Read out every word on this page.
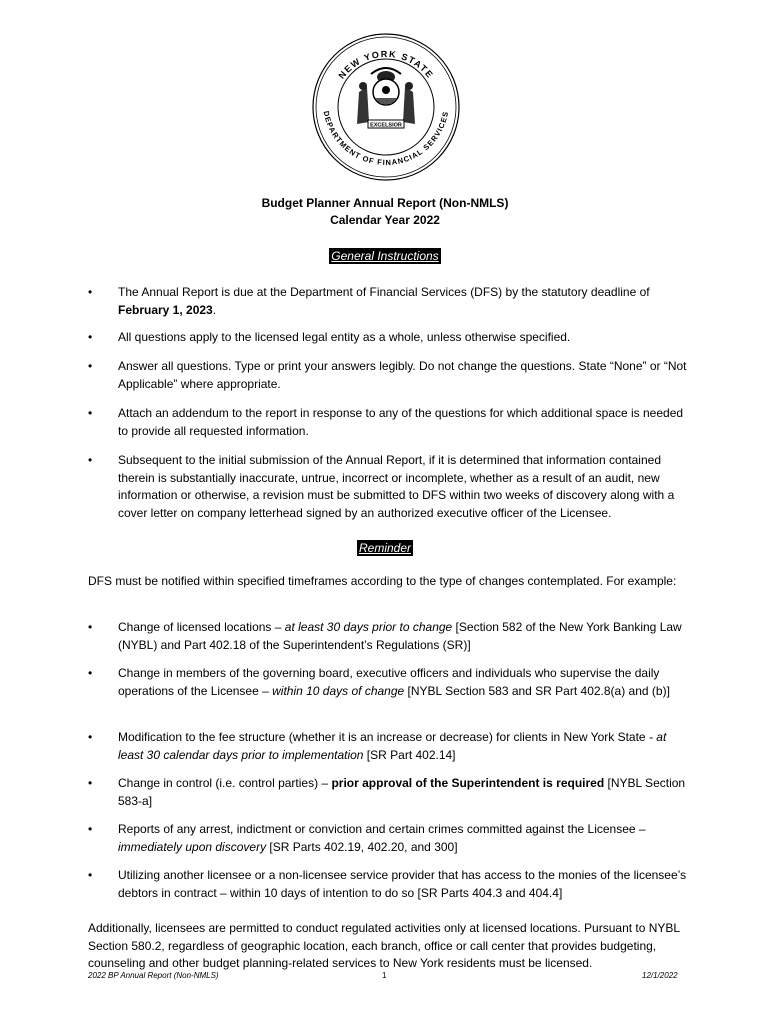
NEW YORK STATE
DEPARTMENT OF FINANCIAL SERVICES
EXCELSIOR
Budget Planner Annual Report (Non-NMLS)
Calendar Year 2022
General Instructions
• The Annual Report is due at the Department of Financial Services (DFS) by the statutory deadline of February 1, 2023.
• All questions apply to the licensed legal entity as a whole, unless otherwise specified.
• Answer all questions. Type or print your answers legibly. Do not change the questions. State “None” or “Not Applicable” where appropriate.
• Attach an addendum to the report in response to any of the questions for which additional space is needed to provide all requested information.
• Subsequent to the initial submission of the Annual Report, if it is determined that information contained therein is substantially inaccurate, untrue, incorrect or incomplete, whether as a result of an audit, new information or otherwise, a revision must be submitted to DFS within two weeks of discovery along with a cover letter on company letterhead signed by an authorized executive officer of the Licensee.
Reminder
DFS must be notified within specified timeframes according to the type of changes contemplated. For example:
• Change of licensed locations – at least 30 days prior to change [Section 582 of the New York Banking Law (NYBL) and Part 402.18 of the Superintendent’s Regulations (SR)]
• Change in members of the governing board, executive officers and individuals who supervise the daily operations of the Licensee – within 10 days of change [NYBL Section 583 and SR Part 402.8(a) and (b)]
• Modification to the fee structure (whether it is an increase or decrease) for clients in New York State - at least 30 calendar days prior to implementation [SR Part 402.14]
• Change in control (i.e. control parties) – prior approval of the Superintendent is required [NYBL Section 583-a]
• Reports of any arrest, indictment or conviction and certain crimes committed against the Licensee – immediately upon discovery [SR Parts 402.19, 402.20, and 300]
• Utilizing another licensee or a non-licensee service provider that has access to the monies of the licensee’s debtors in contract – within 10 days of intention to do so [SR Parts 404.3 and 404.4]
Additionally, licensees are permitted to conduct regulated activities only at licensed locations. Pursuant to NYBL Section 580.2, regardless of geographic location, each branch, office or call center that provides budgeting, counseling and other budget planning-related services to New York residents must be licensed.
2022 BP Annual Report (Non-NMLS)	1	12/1/2022
